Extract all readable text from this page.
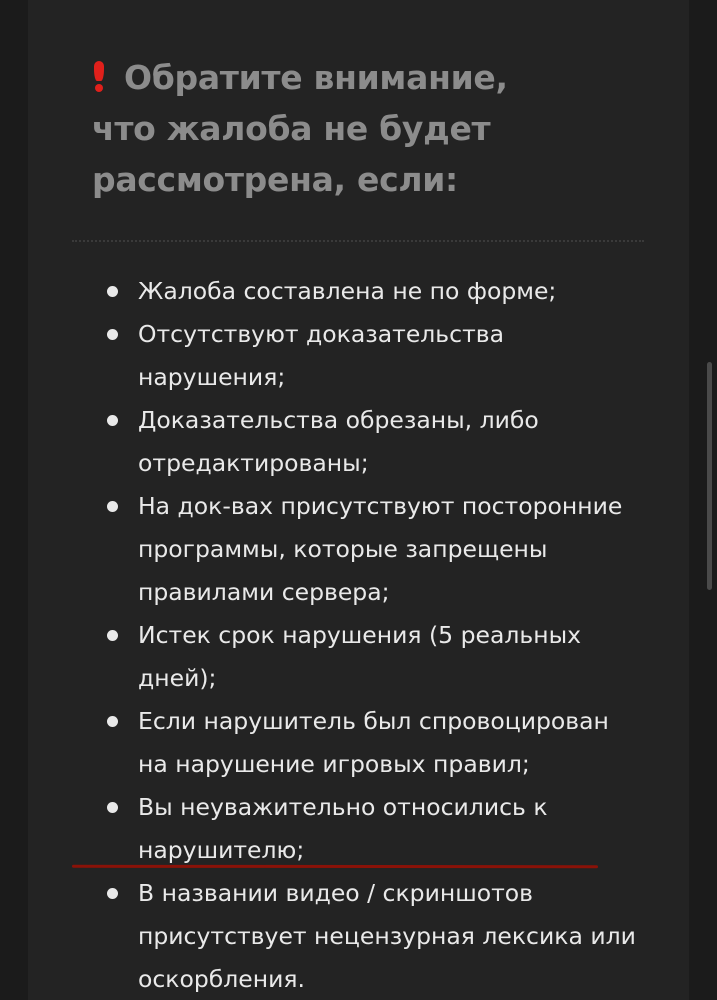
Обратите внимание,
что жалоба не будет
рассмотрена, если:
Жалоба составлена не по форме;
Отсутствуют доказательства
нарушения;
Доказательства обрезаны, либо
отредактированы;
На док-вах присутствуют посторонние
программы, которые запрещены
правилами сервера;
Истек срок нарушения (5 реальных
дней);
Если нарушитель был спровоцирован
на нарушение игровых правил;
Вы неуважительно относились к
нарушителю;
В названии видео / скриншотов
присутствует нецензурная лексика или
оскорбления.
